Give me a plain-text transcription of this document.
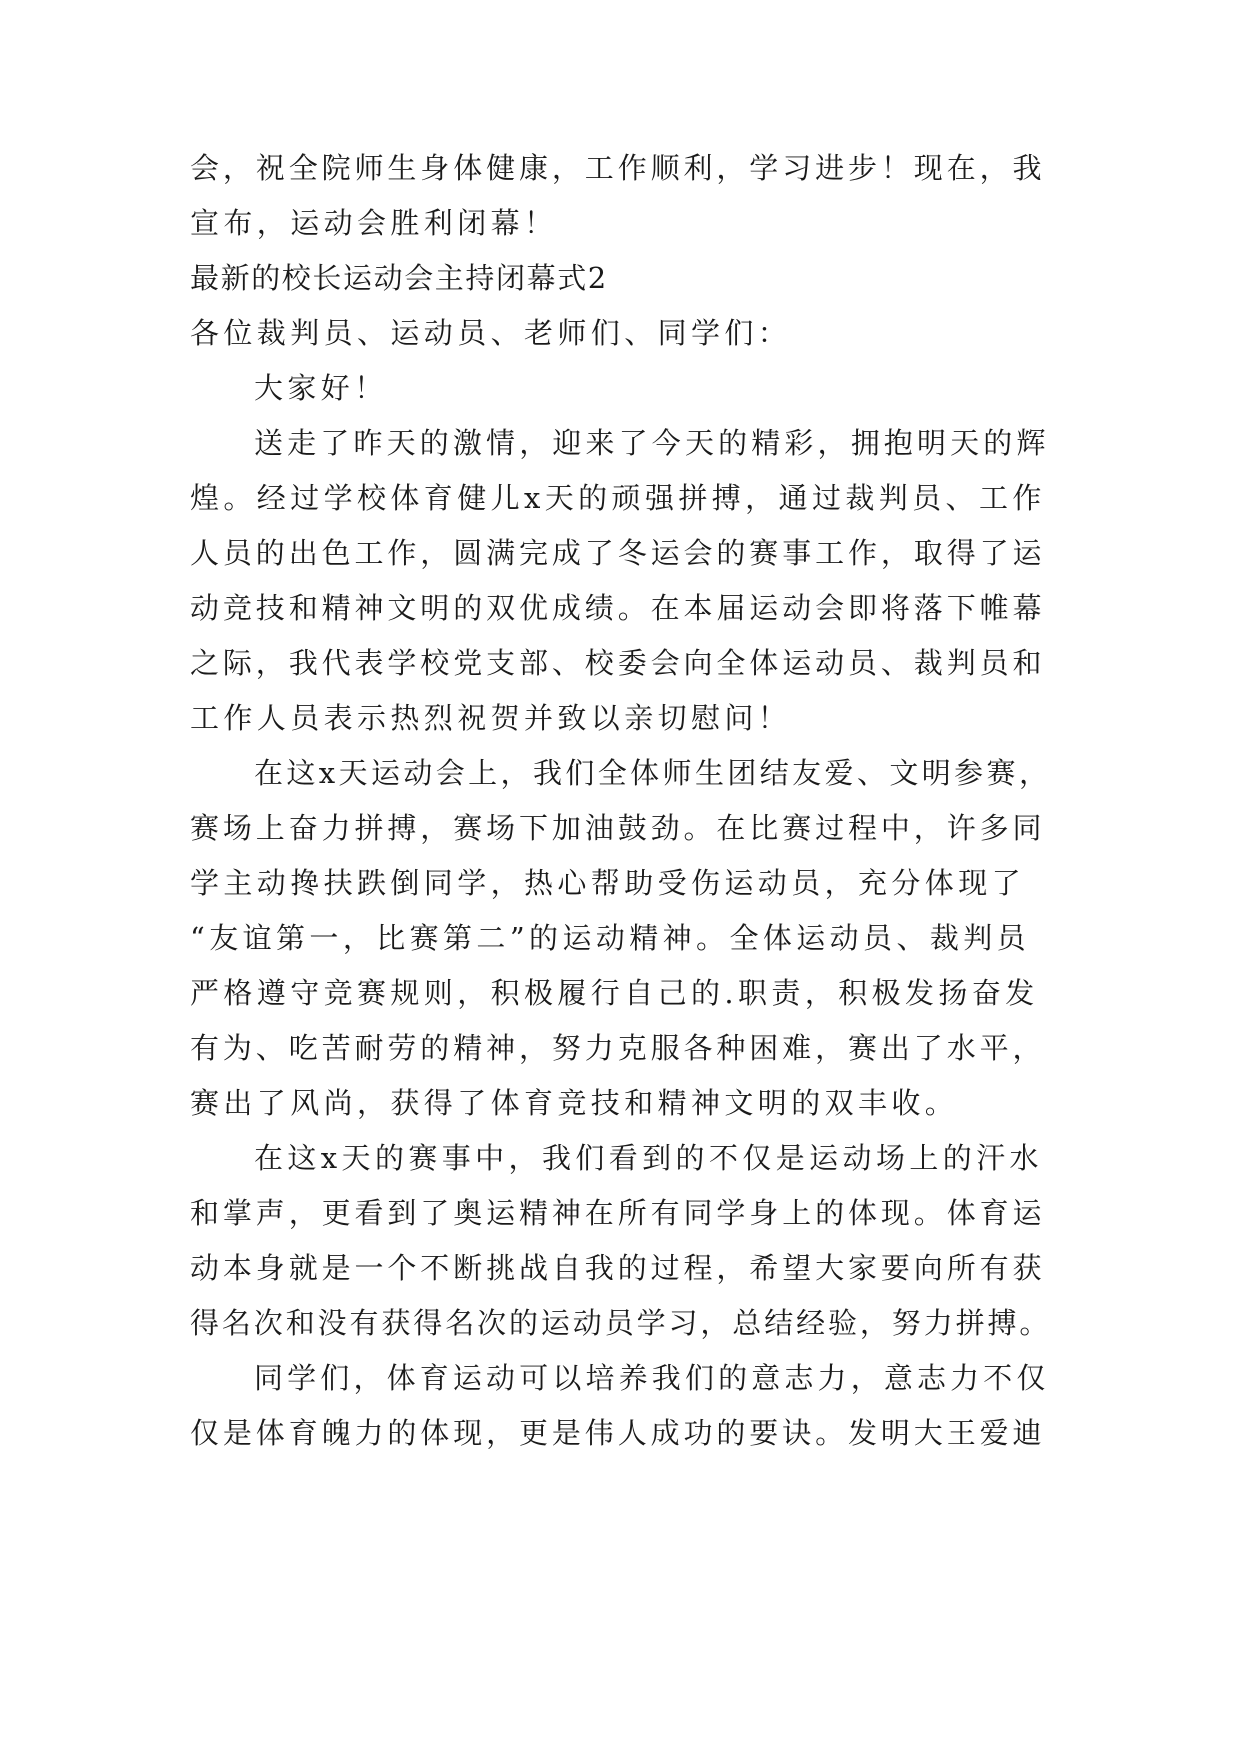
会，祝全院师生身体健康，工作顺利，学习进步！现在，我
宣布，运动会胜利闭幕！
最新的校长运动会主持闭幕式2
各位裁判员、运动员、老师们、同学们：
大家好！
送走了昨天的激情，迎来了今天的精彩，拥抱明天的辉
煌。经过学校体育健儿x天的顽强拼搏，通过裁判员、工作
人员的出色工作，圆满完成了冬运会的赛事工作，取得了运
动竞技和精神文明的双优成绩。在本届运动会即将落下帷幕
之际，我代表学校党支部、校委会向全体运动员、裁判员和
工作人员表示热烈祝贺并致以亲切慰问！
在这x天运动会上，我们全体师生团结友爱、文明参赛，
赛场上奋力拼搏，赛场下加油鼓劲。在比赛过程中，许多同
学主动搀扶跌倒同学，热心帮助受伤运动员，充分体现了
“友谊第一，比赛第二”的运动精神。全体运动员、裁判员
严格遵守竞赛规则，积极履行自己的.职责，积极发扬奋发
有为、吃苦耐劳的精神，努力克服各种困难，赛出了水平，
赛出了风尚，获得了体育竞技和精神文明的双丰收。
在这x天的赛事中，我们看到的不仅是运动场上的汗水
和掌声，更看到了奥运精神在所有同学身上的体现。体育运
动本身就是一个不断挑战自我的过程，希望大家要向所有获
得名次和没有获得名次的运动员学习，总结经验，努力拼搏。
同学们，体育运动可以培养我们的意志力，意志力不仅
仅是体育魄力的体现，更是伟人成功的要诀。发明大王爱迪
